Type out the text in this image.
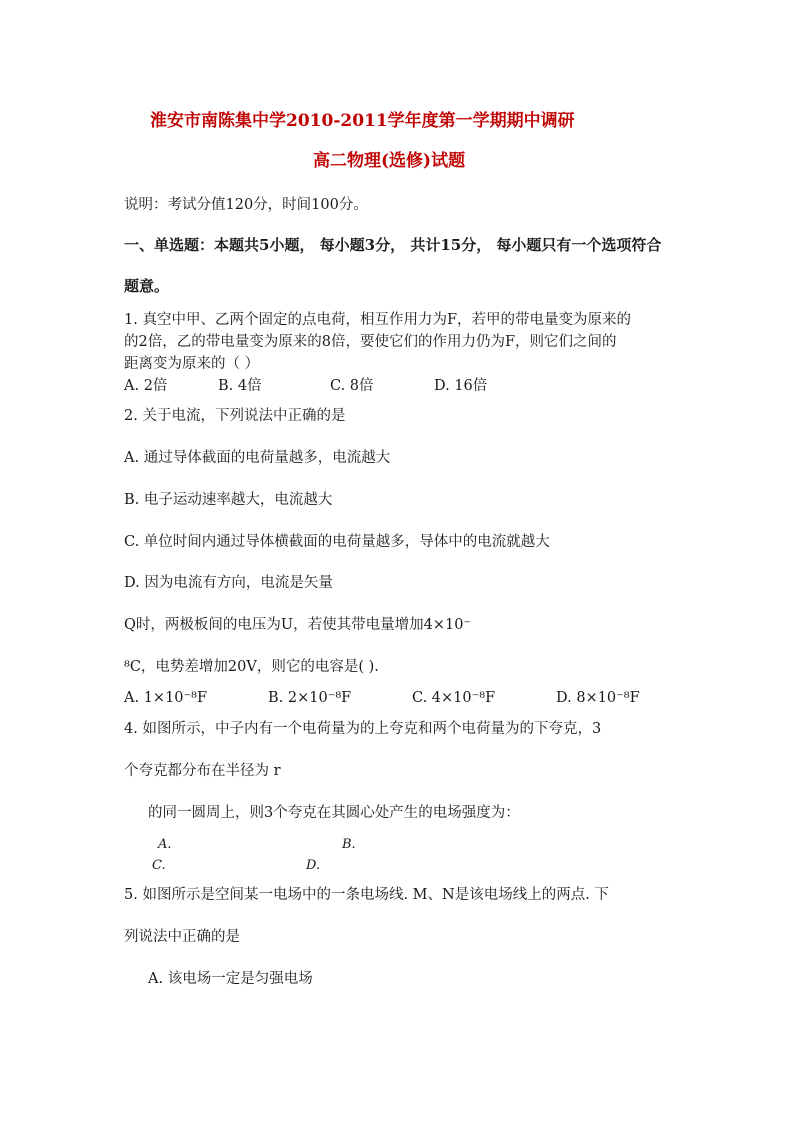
淮安市南陈集中学2010-2011学年度第一学期期中调研
高二物理(选修)试题
说明：考试分值120分，时间100分。
一、单选题：本题共5小题， 每小题3分， 共计15分， 每小题只有一个选项符合
题意。
1. 真空中甲、乙两个固定的点电荷，相互作用力为F，若甲的带电量变为原来的
的2倍，乙的带电量变为原来的8倍，要使它们的作用力仍为F，则它们之间的
距离变为原来的（ ）
A. 2倍	B. 4倍	C. 8倍	D. 16倍
2. 关于电流，下列说法中正确的是
A. 通过导体截面的电荷量越多，电流越大
B. 电子运动速率越大，电流越大
C. 单位时间内通过导体横截面的电荷量越多，导体中的电流就越大
D. 因为电流有方向，电流是矢量
Q时，两极板间的电压为U，若使其带电量增加4×10⁻
⁸C，电势差增加20V，则它的电容是( ).
A. 1×10⁻⁸F	B. 2×10⁻⁸F	C. 4×10⁻⁸F	D. 8×10⁻⁸F
4. 如图所示，中子内有一个电荷量为的上夸克和两个电荷量为的下夸克，3
个夸克都分布在半径为 r
的同一圆周上，则3个夸克在其圆心处产生的电场强度为：
A.	B.
C.	D.
5. 如图所示是空间某一电场中的一条电场线. M、N是该电场线上的两点. 下
列说法中正确的是
A. 该电场一定是匀强电场
